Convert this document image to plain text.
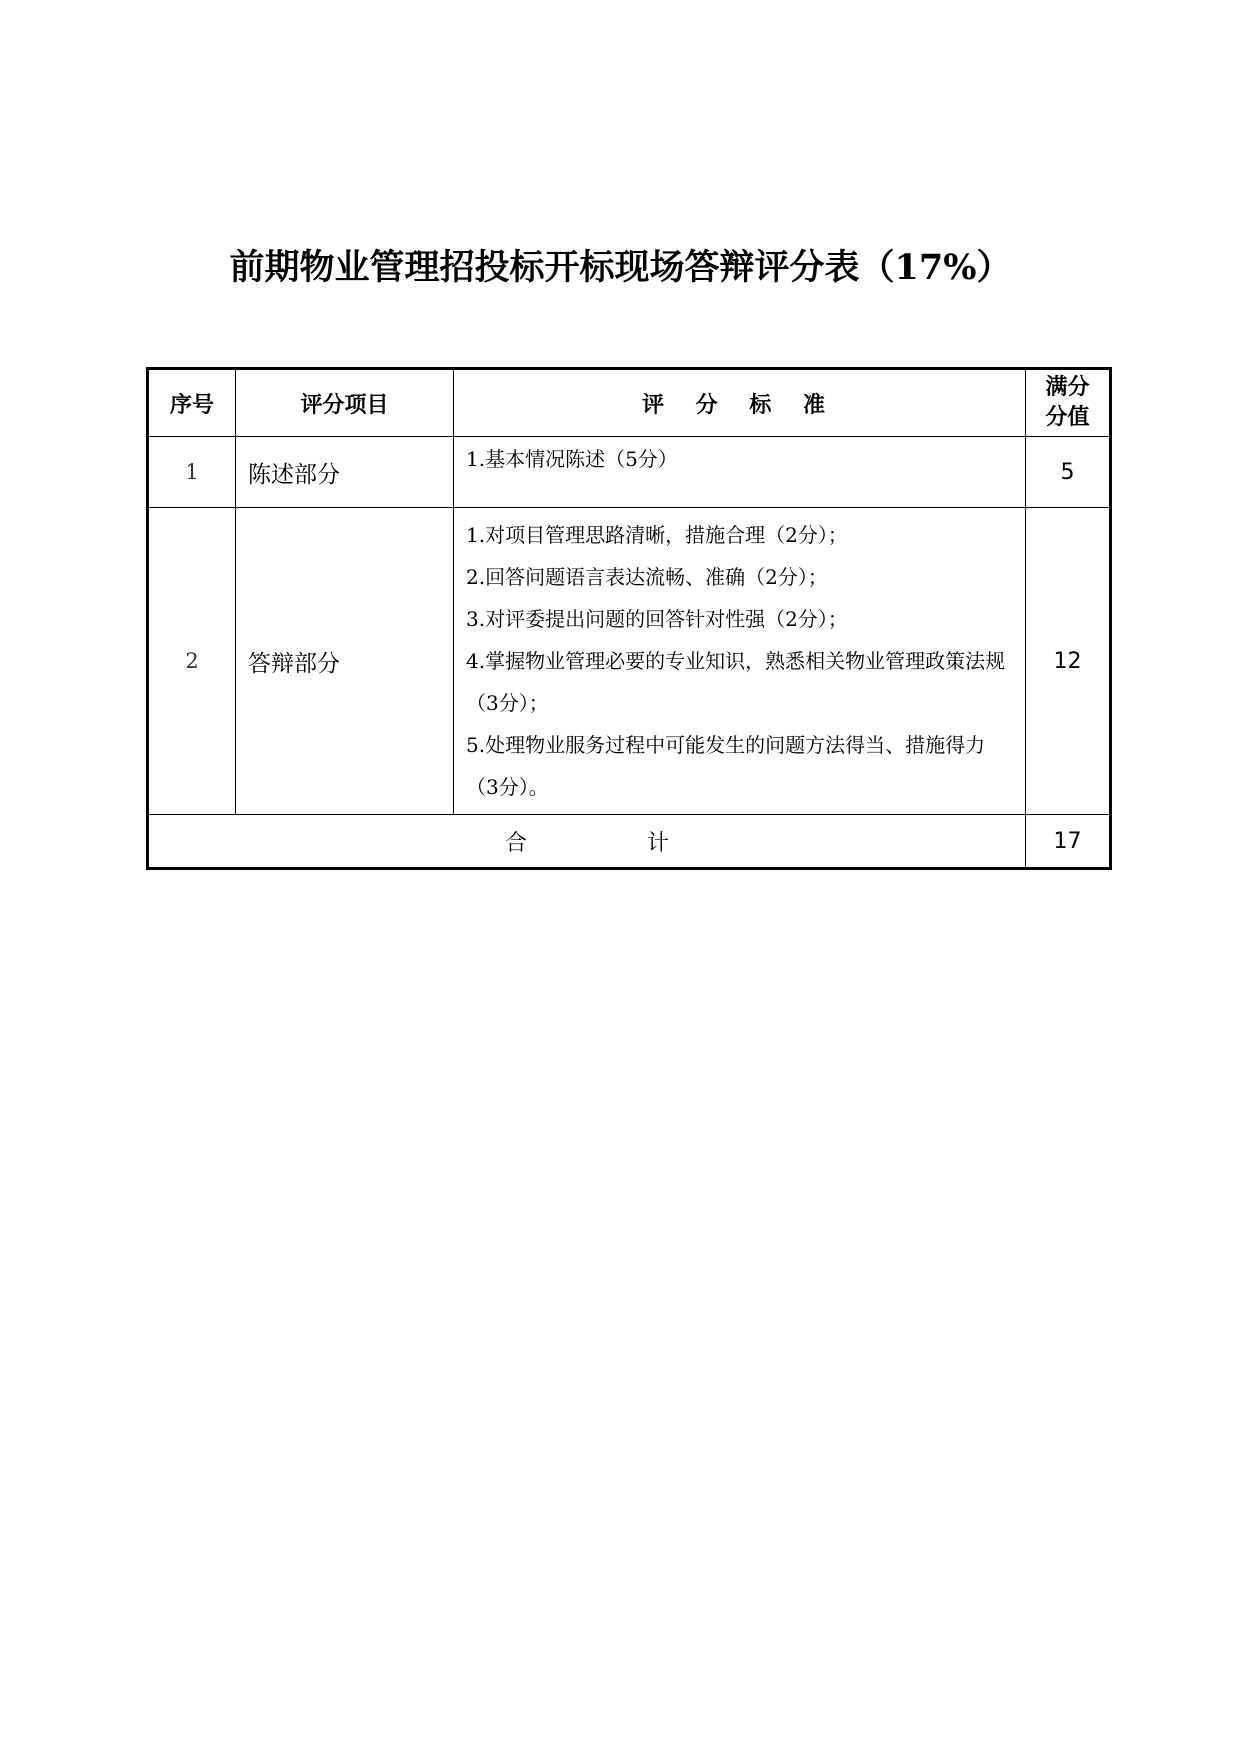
前期物业管理招投标开标现场答辩评分表（17%）
序号	评分项目	评 分 标 准	满分
分值

1	陈述部分	1.基本情况陈述（5分）	5
2	答辩部分	1.对项目管理思路清晰，措施合理（2分）；
2.回答问题语言表达流畅、准确（2分）；
3.对评委提出问题的回答针对性强（2分）；
4.掌握物业管理必要的专业知识，熟悉相关物业管理政策法规（3分）；
5.处理物业服务过程中可能发生的问题方法得当、措施得力（3分）。	12
合 计			17
